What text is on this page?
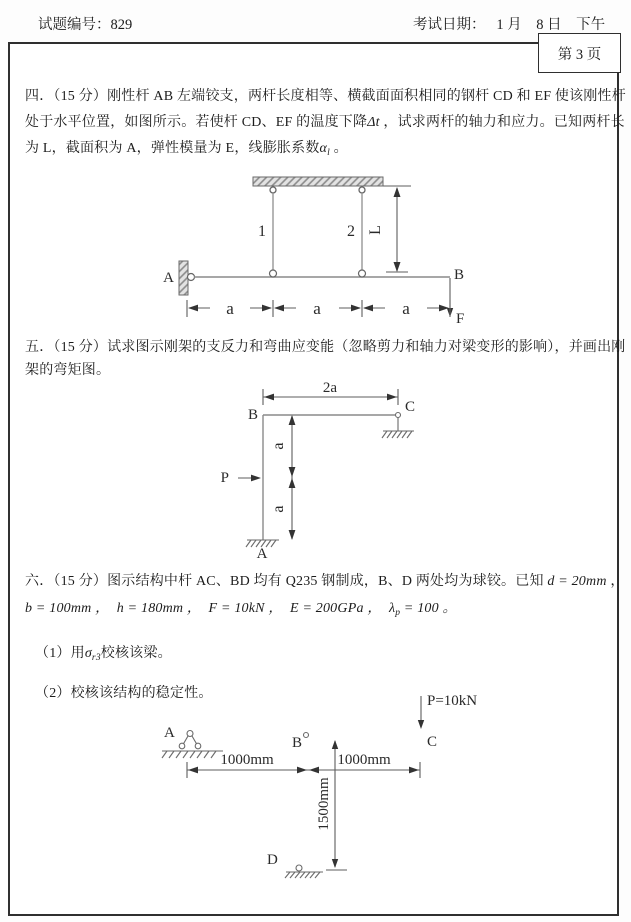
试题编号：829	考试日期：   1 月    8 日    下午
第 3 页
四．（15 分）刚性杆 AB 左端铰支，两杆长度相等、横截面面积相同的钢杆 CD 和 EF 使该刚性杆
处于水平位置，如图所示。若使杆 CD、EF 的温度下降Δt ，试求两杆的轴力和应力。已知两杆长
为 L，截面积为 A，弹性模量为 E，线膨胀系数$\alpha_l$ 。
1	2 L
A	B
F
a	a	a
五．（15 分）试求图示刚架的支反力和弯曲应变能（忽略剪力和轴力对梁变形的影响），并画出刚
架的弯矩图。
2a
B	C
P
a
a
A
六．（15 分）图示结构中杆 AC、BD 均有 Q235 钢制成，B、D 两处均为球铰。已知 d = 20mm ，
b = 100mm ，  h = 180mm ，  F = 10kN ，  E = 200GPa ，  $\lambda_p = 100$ 。
（1）用$\sigma_{r3}$校核该梁。
（2）校核该结构的稳定性。
A
B
P=10kN
C
1000mm	1000mm
1500mm
D
